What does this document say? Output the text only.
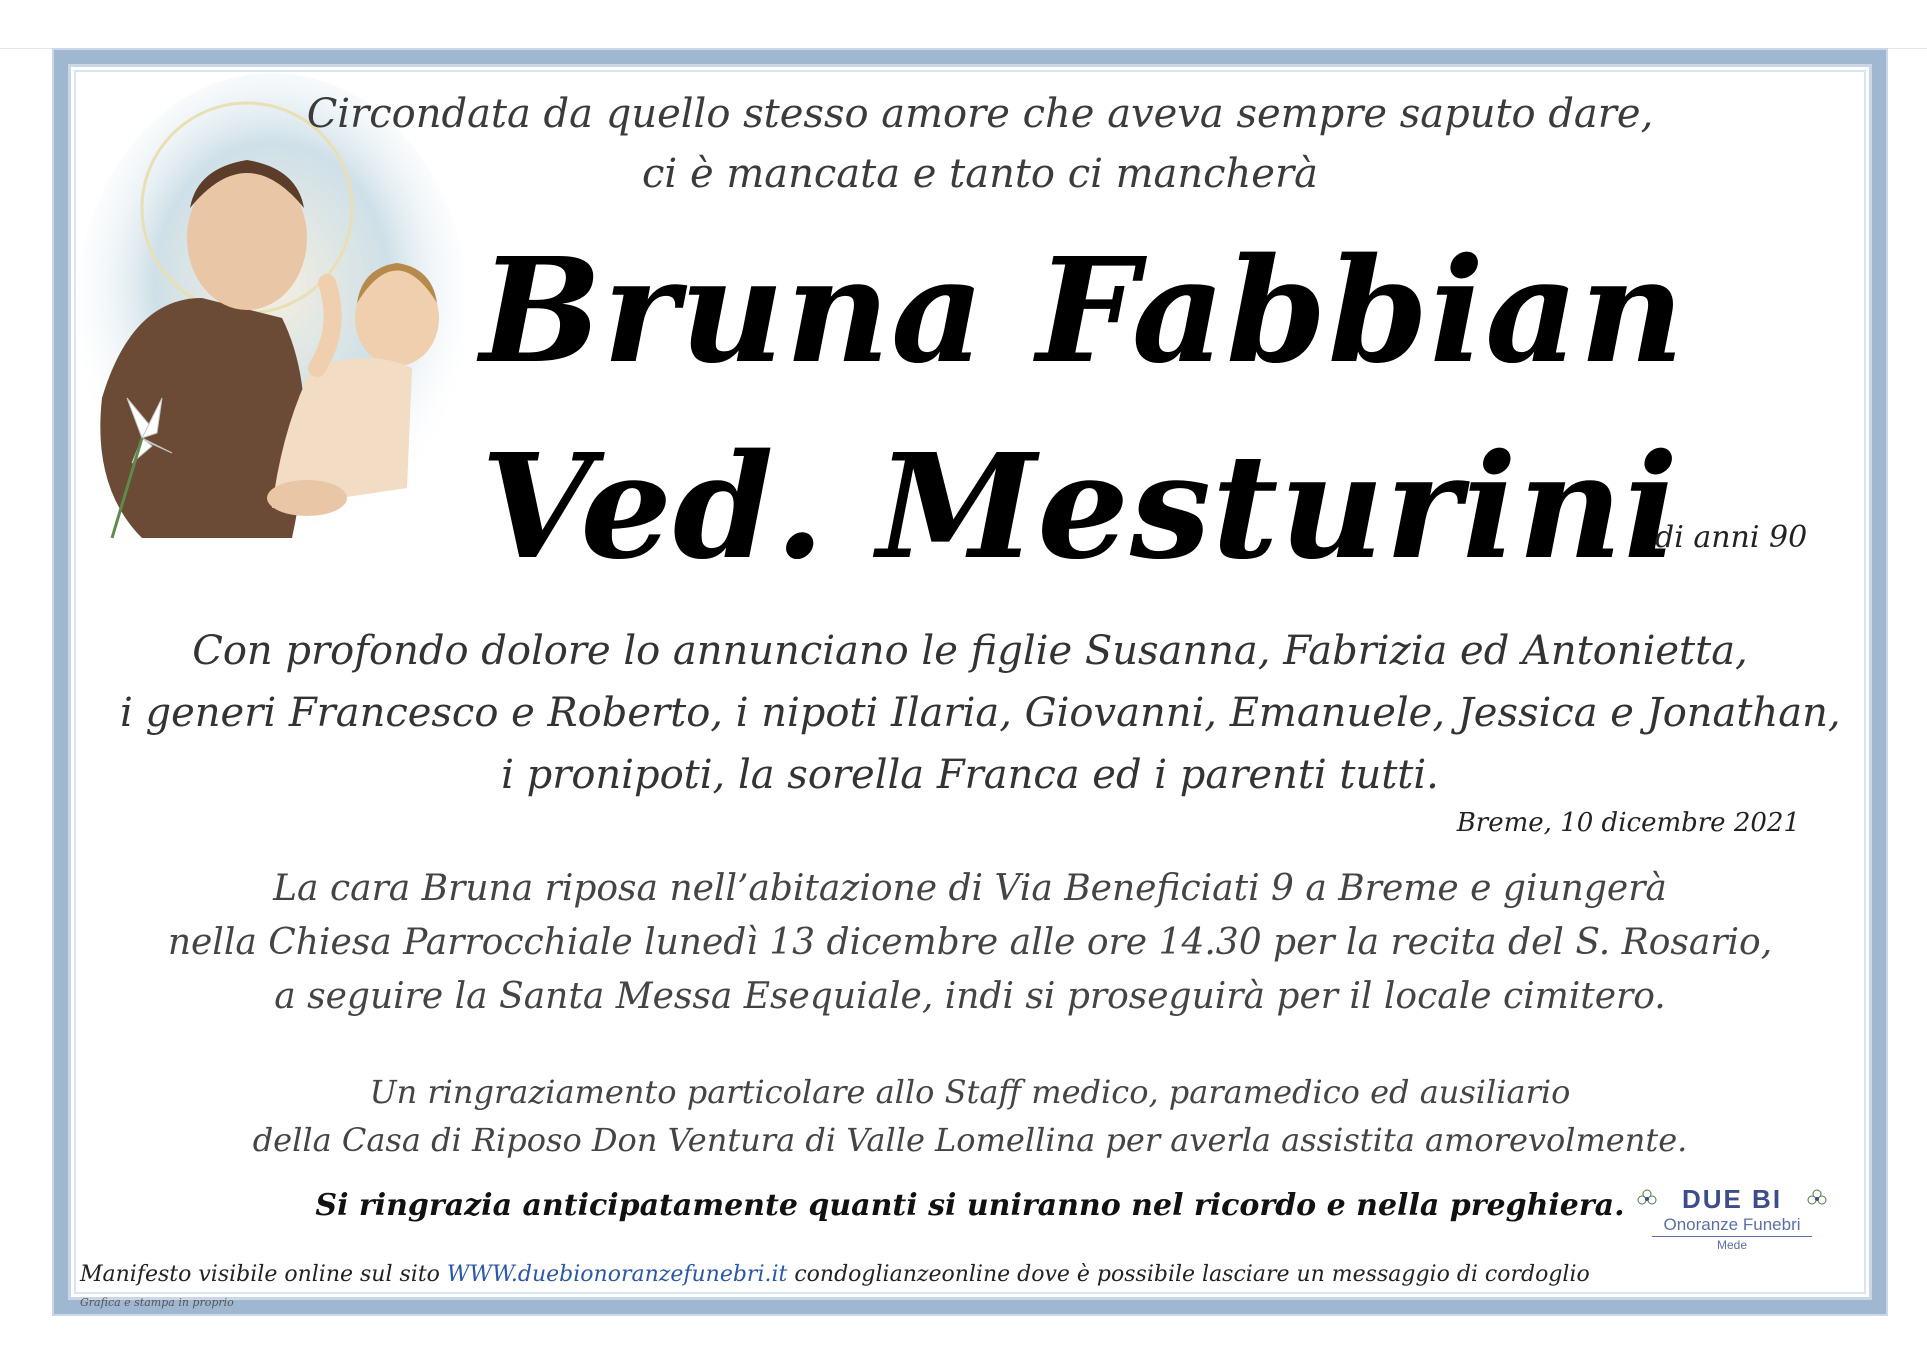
Circondata da quello stesso amore che aveva sempre saputo dare,
ci è mancata e tanto ci mancherà
Bruna Fabbian
Ved. Mesturini
di anni 90
Con profondo dolore lo annunciano le figlie Susanna, Fabrizia ed Antonietta,
i generi Francesco e Roberto, i nipoti Ilaria, Giovanni, Emanuele, Jessica e Jonathan,
i pronipoti, la sorella Franca ed i parenti tutti.
Breme, 10 dicembre 2021
La cara Bruna riposa nell’abitazione di Via Beneficiati 9 a Breme e giungerà
nella Chiesa Parrocchiale lunedì 13 dicembre alle ore 14.30 per la recita del S. Rosario,
a seguire la Santa Messa Esequiale, indi si proseguirà per il locale cimitero.
Un ringraziamento particolare allo Staff medico, paramedico ed ausiliario
della Casa di Riposo Don Ventura di Valle Lomellina per averla assistita amorevolmente.
Si ringrazia anticipatamente quanti si uniranno nel ricordo e nella preghiera.
Manifesto visibile online sul sito WWW.duebionoranzefunebri.it condoglianzeonline dove è possibile lasciare un messaggio di cordoglio
Grafica e stampa in proprio
DUE BI
Onoranze Funebri
Mede
